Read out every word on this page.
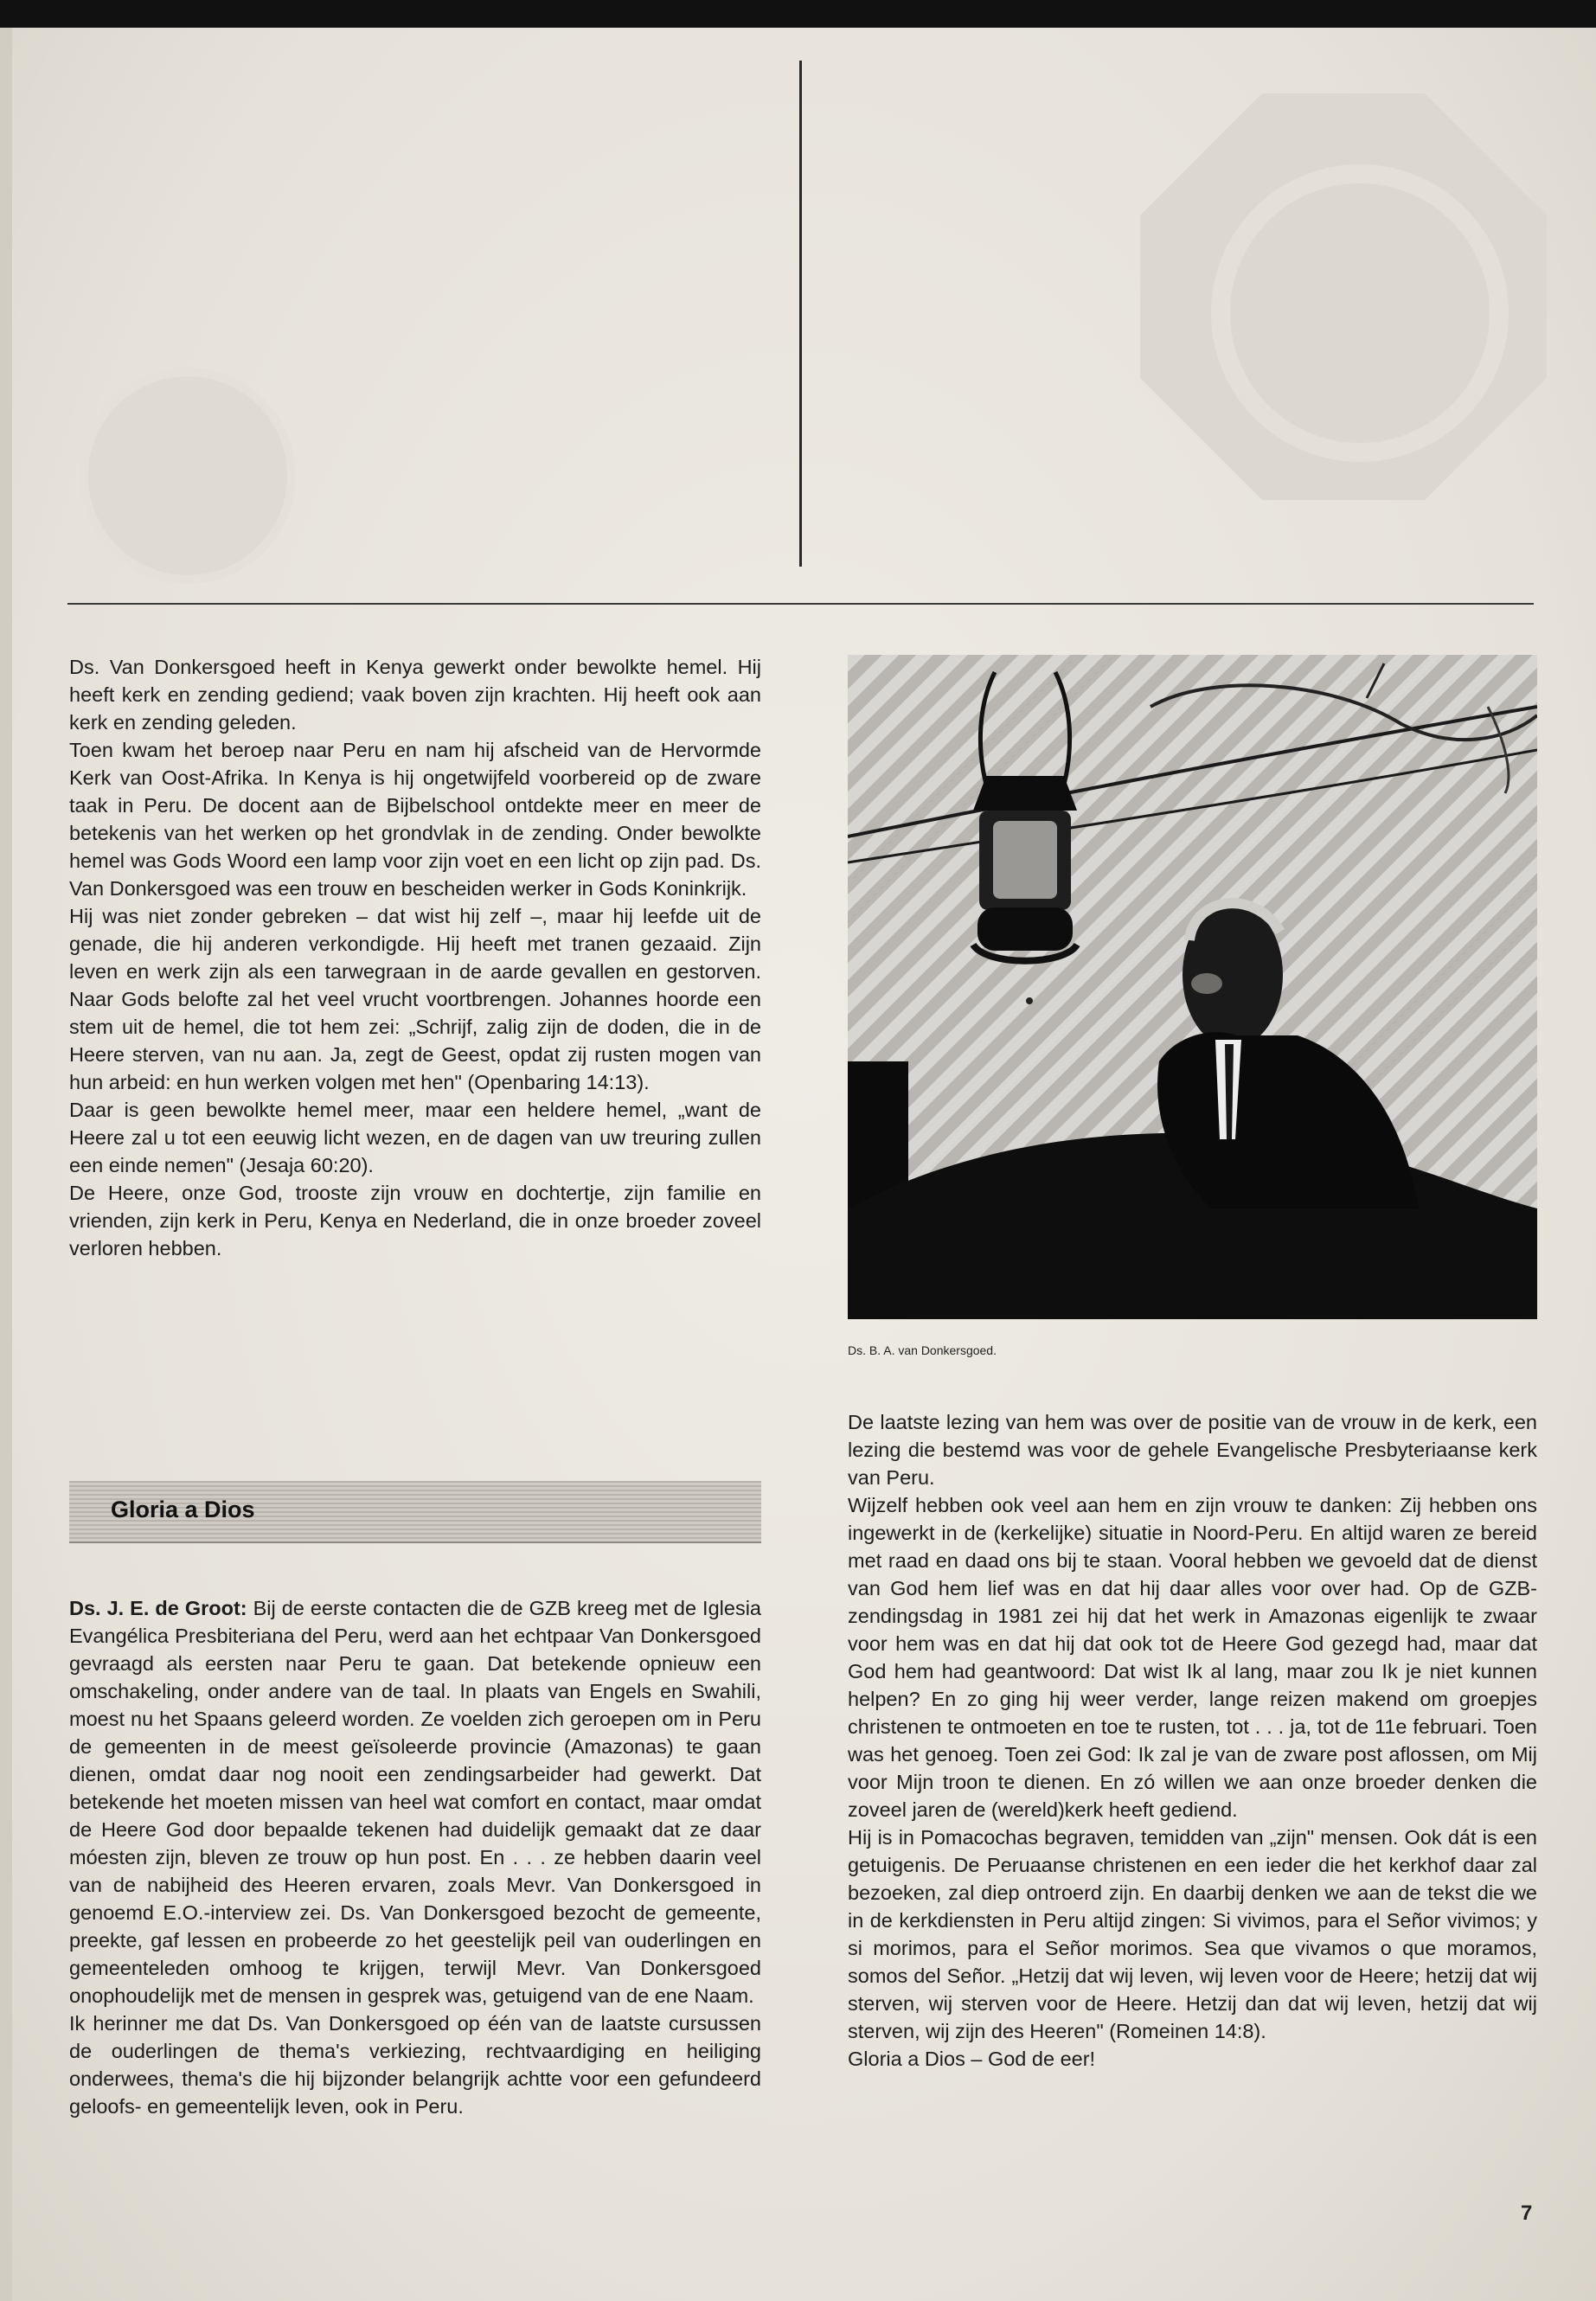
Ds. Van Donkersgoed heeft in Kenya gewerkt onder bewolkte hemel. Hij heeft kerk en zending gediend; vaak boven zijn krachten. Hij heeft ook aan kerk en zending geleden.

Toen kwam het beroep naar Peru en nam hij afscheid van de Hervormde Kerk van Oost-Afrika. In Kenya is hij ongetwijfeld voorbereid op de zware taak in Peru. De docent aan de Bijbelschool ontdekte meer en meer de betekenis van het werken op het grondvlak in de zending. Onder bewolkte hemel was Gods Woord een lamp voor zijn voet en een licht op zijn pad. Ds. Van Donkersgoed was een trouw en bescheiden werker in Gods Koninkrijk.

Hij was niet zonder gebreken – dat wist hij zelf –, maar hij leefde uit de genade, die hij anderen verkondigde. Hij heeft met tranen gezaaid. Zijn leven en werk zijn als een tarwegraan in de aarde gevallen en gestorven. Naar Gods belofte zal het veel vrucht voortbrengen. Johannes hoorde een stem uit de hemel, die tot hem zei: „Schrijf, zalig zijn de doden, die in de Heere sterven, van nu aan. Ja, zegt de Geest, opdat zij rusten mogen van hun arbeid: en hun werken volgen met hen" (Openbaring 14:13).

Daar is geen bewolkte hemel meer, maar een heldere hemel, „want de Heere zal u tot een eeuwig licht wezen, en de dagen van uw treuring zullen een einde nemen" (Jesaja 60:20).

De Heere, onze God, trooste zijn vrouw en dochtertje, zijn familie en vrienden, zijn kerk in Peru, Kenya en Nederland, die in onze broeder zoveel verloren hebben.

Gloria a Dios

Ds. J. E. de Groot: Bij de eerste contacten die de GZB kreeg met de Iglesia Evangélica Presbiteriana del Peru, werd aan het echtpaar Van Donkersgoed gevraagd als eersten naar Peru te gaan. Dat betekende opnieuw een omschakeling, onder andere van de taal. In plaats van Engels en Swahili, moest nu het Spaans geleerd worden. Ze voelden zich geroepen om in Peru de gemeenten in de meest geïsoleerde provincie (Amazonas) te gaan dienen, omdat daar nog nooit een zendingsarbeider had gewerkt. Dat betekende het moeten missen van heel wat comfort en contact, maar omdat de Heere God door bepaalde tekenen had duidelijk gemaakt dat ze daar móesten zijn, bleven ze trouw op hun post. En . . . ze hebben daarin veel van de nabijheid des Heeren ervaren, zoals Mevr. Van Donkersgoed in genoemd E.O.-interview zei. Ds. Van Donkersgoed bezocht de gemeente, preekte, gaf lessen en probeerde zo het geestelijk peil van ouderlingen en gemeenteleden omhoog te krijgen, terwijl Mevr. Van Donkersgoed onophoudelijk met de mensen in gesprek was, getuigend van de ene Naam.

Ik herinner me dat Ds. Van Donkersgoed op één van de laatste cursussen de ouderlingen de thema's verkiezing, rechtvaardiging en heiliging onderwees, thema's die hij bijzonder belangrijk achtte voor een gefundeerd geloofs- en gemeentelijk leven, ook in Peru.

Ds. B. A. van Donkersgoed.

De laatste lezing van hem was over de positie van de vrouw in de kerk, een lezing die bestemd was voor de gehele Evangelische Presbyteriaanse kerk van Peru.

Wijzelf hebben ook veel aan hem en zijn vrouw te danken: Zij hebben ons ingewerkt in de (kerkelijke) situatie in Noord-Peru. En altijd waren ze bereid met raad en daad ons bij te staan. Vooral hebben we gevoeld dat de dienst van God hem lief was en dat hij daar alles voor over had. Op de GZB-zendingsdag in 1981 zei hij dat het werk in Amazonas eigenlijk te zwaar voor hem was en dat hij dat ook tot de Heere God gezegd had, maar dat God hem had geantwoord: Dat wist Ik al lang, maar zou Ik je niet kunnen helpen? En zo ging hij weer verder, lange reizen makend om groepjes christenen te ontmoeten en toe te rusten, tot . . . ja, tot de 11e februari. Toen was het genoeg. Toen zei God: Ik zal je van de zware post aflossen, om Mij voor Mijn troon te dienen. En zó willen we aan onze broeder denken die zoveel jaren de (wereld)kerk heeft gediend.

Hij is in Pomacochas begraven, temidden van „zijn" mensen. Ook dát is een getuigenis. De Peruaanse christenen en een ieder die het kerkhof daar zal bezoeken, zal diep ontroerd zijn. En daarbij denken we aan de tekst die we in de kerkdiensten in Peru altijd zingen: Si vivimos, para el Señor vivimos; y si morimos, para el Señor morimos. Sea que vivamos o que moramos, somos del Señor. „Hetzij dat wij leven, wij leven voor de Heere; hetzij dat wij sterven, wij sterven voor de Heere. Hetzij dan dat wij leven, hetzij dat wij sterven, wij zijn des Heeren" (Romeinen 14:8).

Gloria a Dios – God de eer!

7
